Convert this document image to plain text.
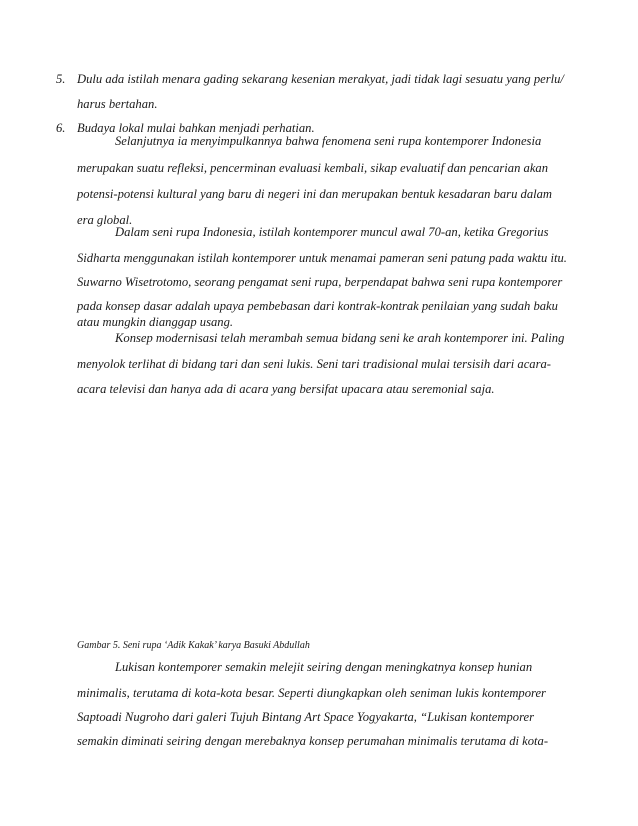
5. Dulu ada istilah menara gading sekarang kesenian merakyat, jadi tidak lagi sesuatu yang perlu/
harus bertahan.
6. Budaya lokal mulai bahkan menjadi perhatian.
Selanjutnya ia menyimpulkannya bahwa fenomena seni rupa kontemporer Indonesia
merupakan suatu refleksi, pencerminan evaluasi kembali, sikap evaluatif dan pencarian akan
potensi-potensi kultural yang baru di negeri ini dan merupakan bentuk kesadaran baru dalam
era global.
Dalam seni rupa Indonesia, istilah kontemporer muncul awal 70-an, ketika Gregorius
Sidharta menggunakan istilah kontemporer untuk menamai pameran seni patung pada waktu itu.
Suwarno Wisetrotomo, seorang pengamat seni rupa, berpendapat bahwa seni rupa kontemporer
pada konsep dasar adalah upaya pembebasan dari kontrak-kontrak penilaian yang sudah baku
atau mungkin dianggap usang.
Konsep modernisasi telah merambah semua bidang seni ke arah kontemporer ini. Paling
menyolok terlihat di bidang tari dan seni lukis. Seni tari tradisional mulai tersisih dari acara-
acara televisi dan hanya ada di acara yang bersifat upacara atau seremonial saja.
Gambar 5. Seni rupa ‘Adik Kakak’ karya Basuki Abdullah
Lukisan kontemporer semakin melejit seiring dengan meningkatnya konsep hunian
minimalis, terutama di kota-kota besar. Seperti diungkapkan oleh seniman lukis kontemporer
Saptoadi Nugroho dari galeri Tujuh Bintang Art Space Yogyakarta, “Lukisan kontemporer
semakin diminati seiring dengan merebaknya konsep perumahan minimalis terutama di kota-
